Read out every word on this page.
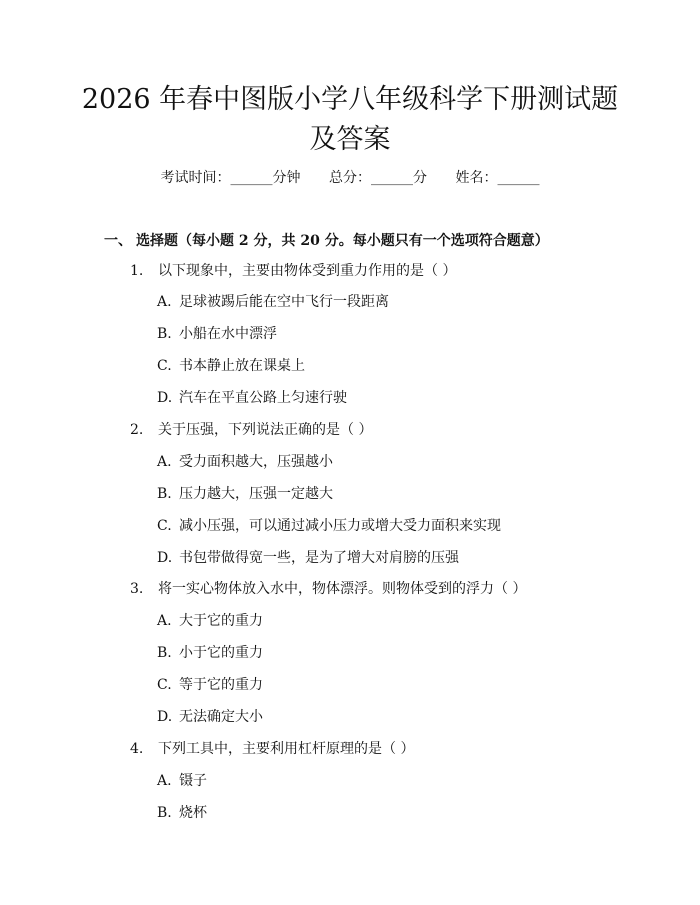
2026 年春中图版小学八年级科学下册测试题
及答案
考试时间：______分钟 总分：______分 姓名：______
一、 选择题（每小题 2 分，共 20 分。每小题只有一个选项符合题意）
1. 以下现象中，主要由物体受到重力作用的是（ ）
A. 足球被踢后能在空中飞行一段距离
B. 小船在水中漂浮
C. 书本静止放在课桌上
D. 汽车在平直公路上匀速行驶
2. 关于压强，下列说法正确的是（ ）
A. 受力面积越大，压强越小
B. 压力越大，压强一定越大
C. 减小压强，可以通过减小压力或增大受力面积来实现
D. 书包带做得宽一些，是为了增大对肩膀的压强
3. 将一实心物体放入水中，物体漂浮。则物体受到的浮力（ ）
A. 大于它的重力
B. 小于它的重力
C. 等于它的重力
D. 无法确定大小
4. 下列工具中，主要利用杠杆原理的是（ ）
A. 镊子
B. 烧杯
